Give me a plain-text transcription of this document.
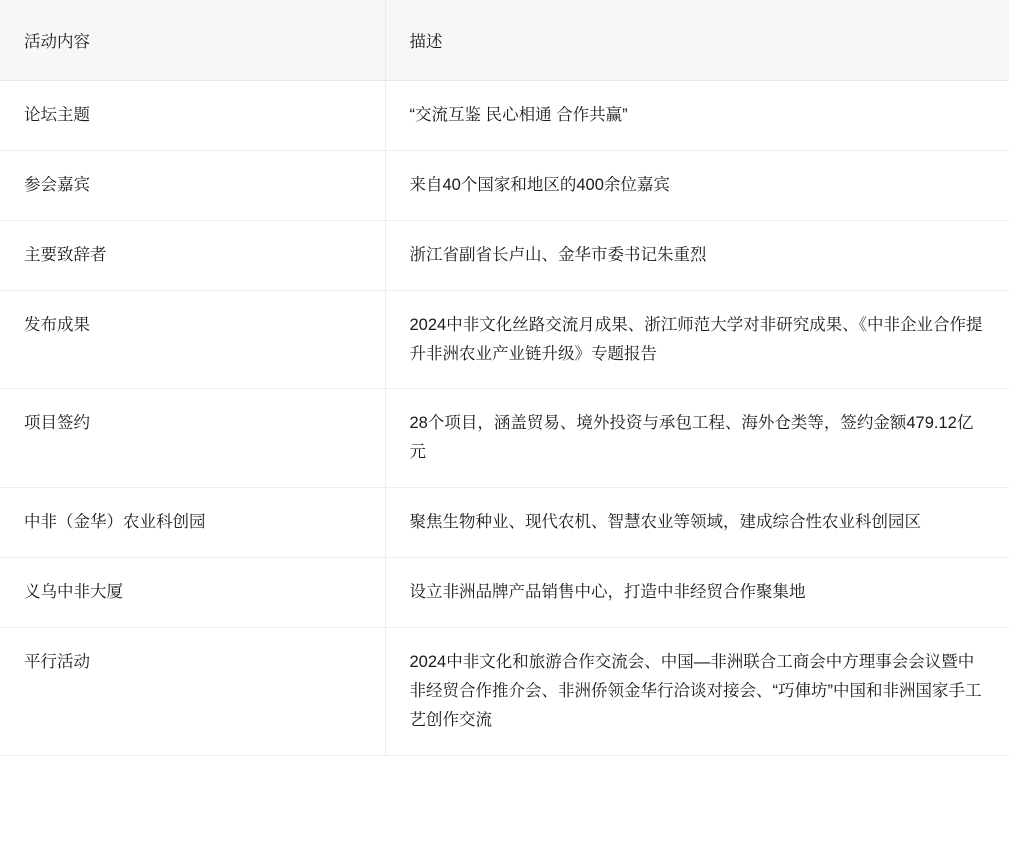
活动内容	描述
论坛主题	“交流互鉴 民心相通 合作共赢”
参会嘉宾	来自40个国家和地区的400余位嘉宾
主要致辞者	浙江省副省长卢山、金华市委书记朱重烈
发布成果	2024中非文化丝路交流月成果、浙江师范大学对非研究成果、《中非企业合作提升非洲农业产业链升级》专题报告
项目签约	28个项目，涵盖贸易、境外投资与承包工程、海外仓类等，签约金额479.12亿元
中非（金华）农业科创园	聚焦生物种业、现代农机、智慧农业等领域，建成综合性农业科创园区
义乌中非大厦	设立非洲品牌产品销售中心，打造中非经贸合作聚集地
平行活动	2024中非文化和旅游合作交流会、中国—非洲联合工商会中方理事会会议暨中非经贸合作推介会、非洲侨领金华行洽谈对接会、“巧俥坊”中国和非洲国家手工艺创作交流
